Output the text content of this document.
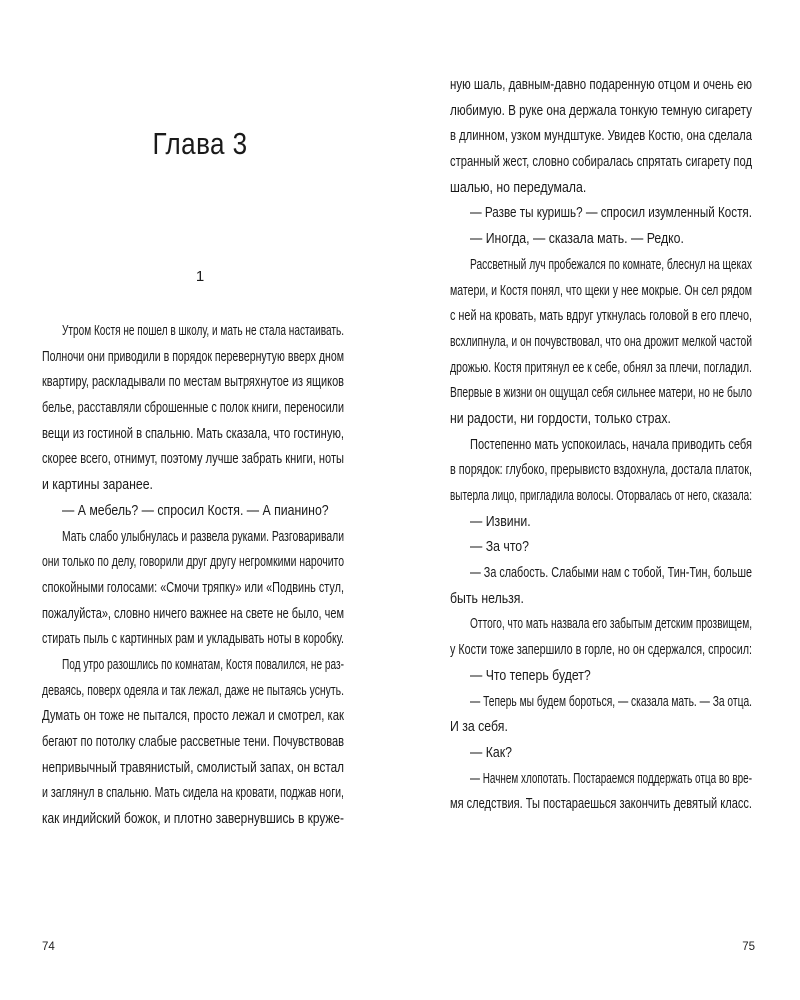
Глава 3
1
Утром Костя не пошел в школу, и мать не стала настаивать.
Полночи они приводили в порядок перевернутую вверх дном
квартиру, раскладывали по местам вытряхнутое из ящиков
белье, расставляли сброшенные с полок книги, переносили
вещи из гостиной в спальню. Мать сказала, что гостиную,
скорее всего, отнимут, поэтому лучше забрать книги, ноты
и картины заранее.
— А мебель? — спросил Костя. — А пианино?
Мать слабо улыбнулась и развела руками. Разговаривали
они только по делу, говорили друг другу негромкими нарочито
спокойными голосами: «Смочи тряпку» или «Подвинь стул,
пожалуйста», словно ничего важнее на свете не было, чем
стирать пыль с картинных рам и укладывать ноты в коробку.
Под утро разошлись по комнатам, Костя повалился, не раз-
деваясь, поверх одеяла и так лежал, даже не пытаясь уснуть.
Думать он тоже не пытался, просто лежал и смотрел, как
бегают по потолку слабые рассветные тени. Почувствовав
непривычный травянистый, смолистый запах, он встал
и заглянул в спальню. Мать сидела на кровати, поджав ноги,
как индийский божок, и плотно завернувшись в круже-
74
ную шаль, давным-давно подаренную отцом и очень ею
любимую. В руке она держала тонкую темную сигарету
в длинном, узком мундштуке. Увидев Костю, она сделала
странный жест, словно собиралась спрятать сигарету под
шалью, но передумала.
— Разве ты куришь? — спросил изумленный Костя.
— Иногда, — сказала мать. — Редко.
Рассветный луч пробежался по комнате, блеснул на щеках
матери, и Костя понял, что щеки у нее мокрые. Он сел рядом
с ней на кровать, мать вдруг уткнулась головой в его плечо,
всхлипнула, и он почувствовал, что она дрожит мелкой частой
дрожью. Костя притянул ее к себе, обнял за плечи, погладил.
Впервые в жизни он ощущал себя сильнее матери, но не было
ни радости, ни гордости, только страх.
Постепенно мать успокоилась, начала приводить себя
в порядок: глубоко, прерывисто вздохнула, достала платок,
вытерла лицо, пригладила волосы. Оторвалась от него, сказала:
— Извини.
— За что?
— За слабость. Слабыми нам с тобой, Тин-Тин, больше
быть нельзя.
Оттого, что мать назвала его забытым детским прозвищем,
у Кости тоже запершило в горле, но он сдержался, спросил:
— Что теперь будет?
— Теперь мы будем бороться, — сказала мать. — За отца.
И за себя.
— Как?
— Начнем хлопотать. Постараемся поддержать отца во вре-
мя следствия. Ты постараешься закончить девятый класс.
75
